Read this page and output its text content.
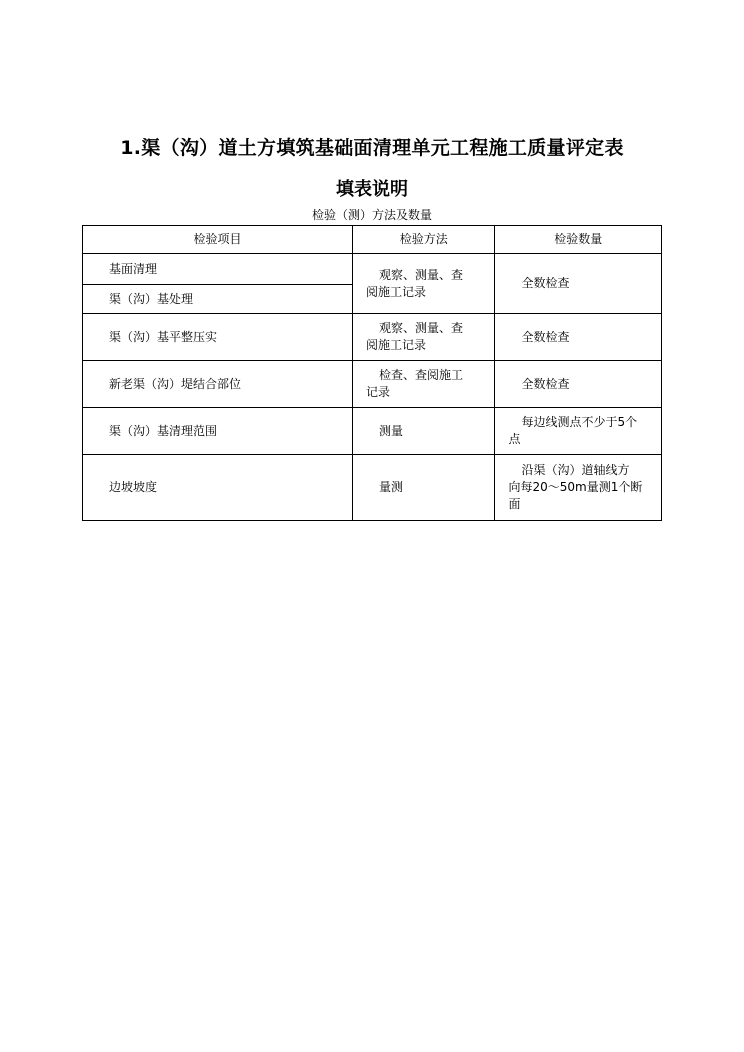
1.渠（沟）道土方填筑基础面清理单元工程施工质量评定表
填表说明
检验（测）方法及数量
检验项目	检验方法	检验数量
基面清理	观察、测量、查
阅施工记录	全数检查

渠（沟）基处理		
渠（沟）基平整压实	观察、测量、查
阅施工记录	全数检查

新老渠（沟）堤结合部位	检查、查阅施工
记录	全数检查

渠（沟）基清理范围	测量	每边线测点不少于5个
点

边坡坡度	量测	沿渠（沟）道轴线方
向每20～50m量测1个断
面
